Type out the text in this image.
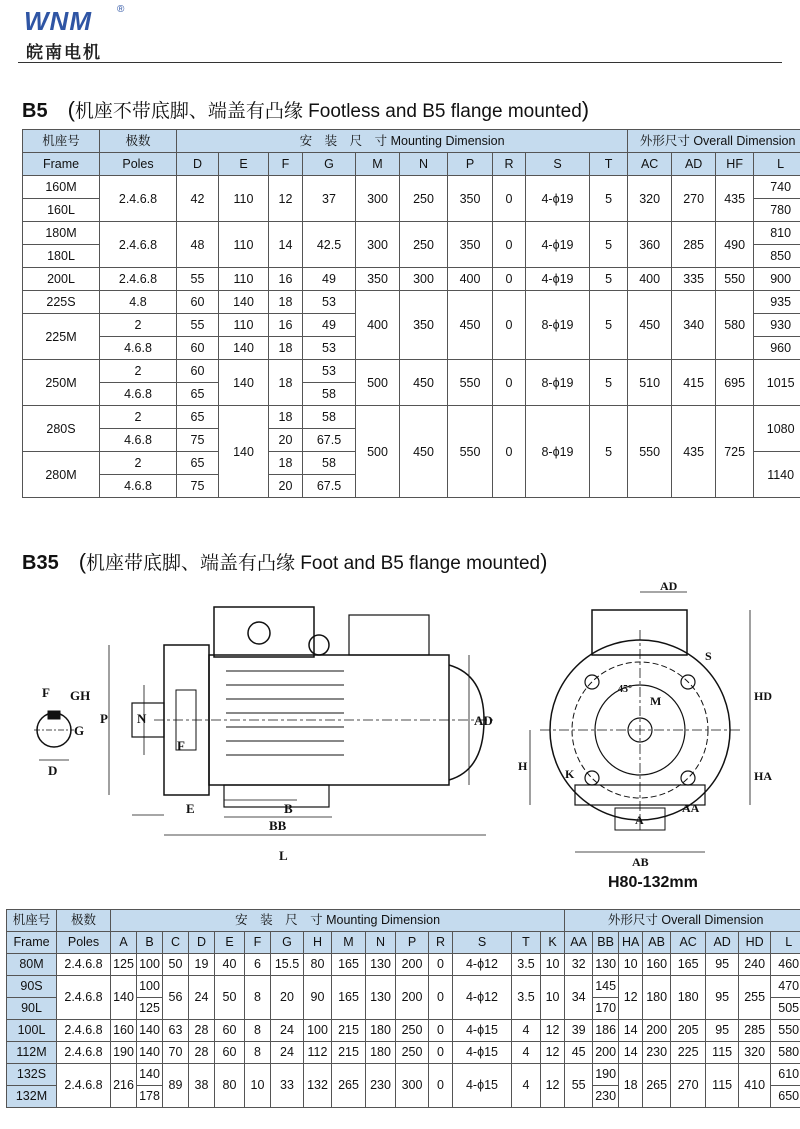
WNM	®
皖南电机
B5 (机座不带底脚、端盖有凸缘 Footless and B5 flange mounted)
机座号	极数	安　装　尺　寸 Mounting Dimension										外形尺寸 Overall Dimension			
Frame	Poles	D	E	F	G	M	N	P	R	S	T	AC	AD	HF	L
160M	2.4.6.8	42	110	12	37	300	250	350	0	4-ϕ19	5	320	270	435	740
160L															780
180M	2.4.6.8	48	110	14	42.5	300	250	350	0	4-ϕ19	5	360	285	490	810
180L															850
200L	2.4.6.8	55	110	16	49	350	300	400	0	4-ϕ19	5	400	335	550	900
225S	4.8	60	140	18	53	400	350	450	0	8-ϕ19	5	450	340	580	935
225M	2	55	110	16	49										930
	4.6.8	60	140	18	53										960
250M	2	60	140	18	53	500	450	550	0	8-ϕ19	5	510	415	695	1015
	4.6.8	65			58										
280S	2	65	140	18	58	500	450	550	0	8-ϕ19	5	550	435	725	1080
	4.6.8	75		20	67.5										
280M	2	65		18	58										1140
	4.6.8	75		20	67.5										
B35 (机座带底脚、端盖有凸缘 Foot and B5 flange mounted)
P N
F
E	B
BB
L
AD
F GH
G
D
AD
S
M
45°	HD
H
K	HA
AA
A
AB
H80-132mm
机座号	极数	安　装　尺　寸 Mounting Dimension															外形尺寸 Overall Dimension							
Frame	Poles	A	B	C	D	E	F	G	H	M	N	P	R	S	T	K	AA	BB	HA	AB	AC	AD	HD	L
80M	2.4.6.8	125	100	50	19	40	6	15.5	80	165	130	200	0	4-ϕ12	3.5	10	32	130	10	160	165	95	240	460
90S	2.4.6.8	140	100	56	24	50	8	20	90	165	130	200	0	4-ϕ12	3.5	10	34	145	12	180	180	95	255	470
90L			125															170						505
100L	2.4.6.8	160	140	63	28	60	8	24	100	215	180	250	0	4-ϕ15	4	12	39	186	14	200	205	95	285	550
112M	2.4.6.8	190	140	70	28	60	8	24	112	215	180	250	0	4-ϕ15	4	12	45	200	14	230	225	115	320	580
132S	2.4.6.8	216	140	89	38	80	10	33	132	265	230	300	0	4-ϕ15	4	12	55	190	18	265	270	115	410	610
132M			178															230						650
